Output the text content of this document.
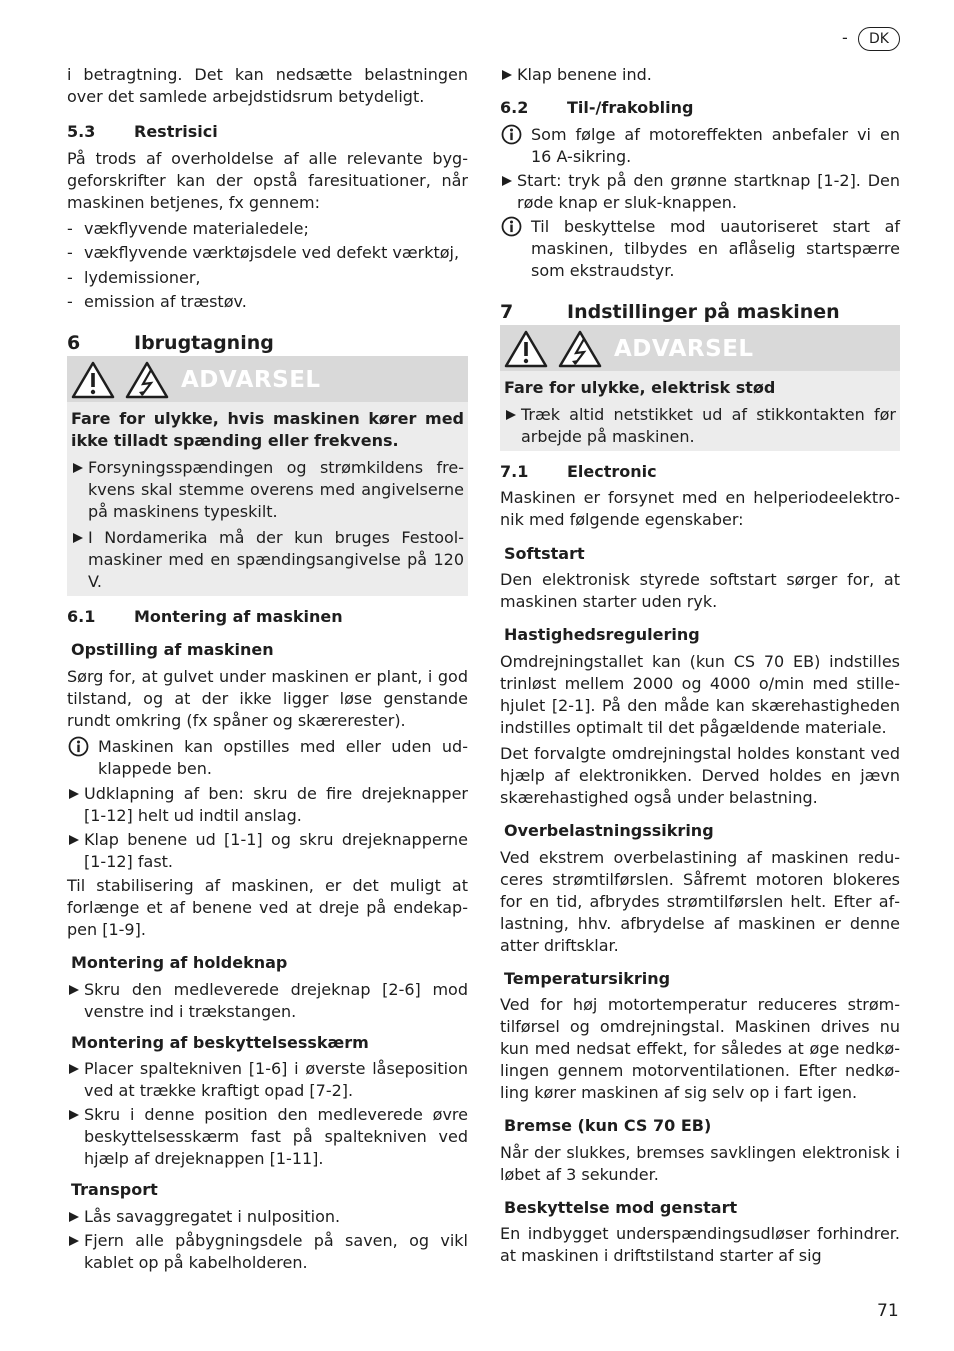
-	DK
i betragtning. Det kan nedsætte belastningen over det samlede arbejdstidsrum betydeligt.
5.3 Restrisici
På trods af overholdelse af alle relevante byggeforskrifter kan der opstå faresituationer, når maskinen betjenes, fx gennem:
- vækflyvende materialedele;
- vækflyvende værktøjsdele ved defekt værktøj,
- lydemissioner,
- emission af træstøv.
6	Ibrugtagning
ADVARSEL
Fare for ulykke, hvis maskinen kører med ikke tilladt spænding eller frekvens.
Forsyningsspændingen og strømkildens frekvens skal stemme overens med angivelserne på maskinens typeskilt.
I Nordamerika må der kun bruges Festool-maskiner med en spændingsangivelse på 120 V.
6.1 Montering af maskinen
Opstilling af maskinen
Sørg for, at gulvet under maskinen er plant, i god tilstand, og at der ikke ligger løse genstande rundt omkring (fx spåner og skærerester).
Maskinen kan opstilles med eller uden udklappede ben.
Udklapning af ben: skru de fire drejeknapper [1-12] helt ud indtil anslag.
Klap benene ud [1-1] og skru drejeknapperne [1-12] fast.
Til stabilisering af maskinen, er det muligt at forlænge et af benene ved at dreje på endekappen [1-9].
Montering af holdeknap
Skru den medleverede drejeknap [2-6] mod venstre ind i trækstangen.
Montering af beskyttelsesskærm
Placer spaltekniven [1-6] i øverste låseposition ved at trække kraftigt opad [7-2].
Skru i denne position den medleverede øvre beskyttelsesskærm fast på spaltekniven ved hjælp af drejeknappen [1-11].
Transport
Lås savaggregatet i nulposition.
Fjern alle påbygningsdele på saven, og vikl kablet op på kabelholderen.
Klap benene ind.
6.2 Til-/frakobling
Som følge af motoreffekten anbefaler vi en 16 A-sikring.
Start: tryk på den grønne startknap [1-2]. Den røde knap er sluk-knappen.
Til beskyttelse mod uautoriseret start af maskinen, tilbydes en aflåselig startspærre som ekstraudstyr.
7	Indstillinger på maskinen
ADVARSEL
Fare for ulykke, elektrisk stød
Træk altid netstikket ud af stikkontakten før arbejde på maskinen.
7.1 Electronic
Maskinen er forsynet med en helperiodeelektronik med følgende egenskaber:
Softstart
Den elektronisk styrede softstart sørger for, at maskinen starter uden ryk.
Hastighedsregulering
Omdrejningstallet kan (kun CS 70 EB) indstilles trinløst mellem 2000 og 4000 o/min med stillehjulet [2-1]. På den måde kan skærehastigheden indstilles optimalt til det pågældende materiale.
Det forvalgte omdrejningstal holdes konstant ved hjælp af elektronikken. Derved holdes en jævn skærehastighed også under belastning.
Overbelastningssikring
Ved ekstrem overbelastining af maskinen reduceres strømtilførslen. Såfremt motoren blokeres for en tid, afbrydes strømtilførslen helt. Efter aflastning, hhv. afbrydelse af maskinen er denne atter driftsklar.
Temperatursikring
Ved for høj motortemperatur reduceres strømtilførsel og omdrejningstal. Maskinen drives nu kun med nedsat effekt, for således at øge nedkølingen gennem motorventilationen. Efter nedkøling kører maskinen af sig selv op i fart igen.
Bremse (kun CS 70 EB)
Når der slukkes, bremses savklingen elektronisk i løbet af 3 sekunder.
Beskyttelse mod genstart
En indbygget underspændingsudløser forhindrer. at maskinen i driftstilstand starter af sig
71
